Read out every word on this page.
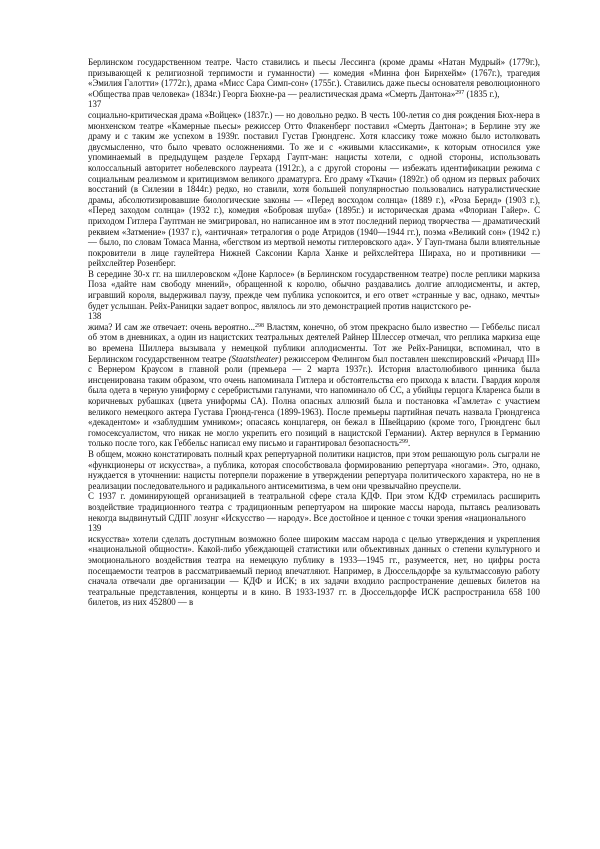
Берлинском государственном театре. Часто ставились и пьесы Лессинга (кроме драмы «Натан Мудрый» (1779г.), призывающей к религиозной терпимости и гуманности) — комедия «Минна фон Бирнхейм» (1767г.), трагедия «Эмилия Галотти» (1772г.), драма «Мисс Сара Симп-сон» (1755г.). Ставились даже пьесы основателя революционного «Общества прав человека» (1834г.) Георга Бюхне-ра — реалистическая драма «Смерть Дантона»$^{297}$ (1835 г.),

137

социально-критическая драма «Войцек» (1837г.) — но довольно редко. В честь 100-летия со дня рождения Бюх-нера в мюнхенском театре «Камерные пьесы» режиссер Отто Флакенберг поставил «Смерть Дантона»; в Берлине эту же драму и с таким же успехом в 1939г. поставил Густав Грюндгенс. Хотя классику тоже можно было истолковать двусмысленно, что было чревато осложнениями. То же и с «живыми классиками», к которым относился уже упоминаемый в предыдущем разделе Герхард Гаупт-ман: нацисты хотели, с одной стороны, использовать колоссальный авторитет нобелевского лауреата (1912г.), а с другой стороны — избежать идентификации режима с социальным реализмом и критицизмом великого драматурга. Его драму «Ткачи» (1892г.) об одном из первых рабочих восстаний (в Силезии в 1844г.) редко, но ставили, хотя большей популярностью пользовались натуралистические драмы, абсолютизировавшие биологические законы — «Перед восходом солнца» (1889 г.), «Роза Бернд» (1903 г.), «Перед заходом солнца» (1932 г.), комедия «Бобровая шуба» (1895г.) и историческая драма «Флориан Гайер». С приходом Гитлера Гауптман не эмигрировал, но написанное им в этот последний период творчества — драматический реквием «Затмение» (1937 г.), «античная» тетралогия о роде Атридов (1940—1944 гг.), поэма «Великий сон» (1942 г.) — было, по словам Томаса Манна, «бегством из мертвой немоты гитлеровского ада». У Гауп-тмана были влиятельные покровители в лице гаулейтера Нижней Саксонии Карла Ханке и рейхслейтера Шираха, но и противники — рейхслейтер Розенберг.

В середине 30-х гг. на шиллеровском «Доне Карлосе» (в Берлинском государственном театре) после реплики маркиза Поза «дайте нам свободу мнений», обращенной к королю, обычно раздавались долгие аплодисменты, и актер, игравший короля, выдерживал паузу, прежде чем публика успокоится, и его ответ «странные у вас, однако, мечты» будет услышан. Рейх-Раницки задает вопрос, являлось ли это демонстрацией против нацистского ре-

138

жима? И сам же отвечает: очень вероятно...$^{298}$ Властям, конечно, об этом прекрасно было известно — Геббельс писал об этом в дневниках, а один из нацистских театральных деятелей Райнер Шлессер отмечал, что реплика маркиза еще во времена Шиллера вызывала у немецкой публики аплодисменты. Тот же Рейх-Раницки, вспоминал, что в Берлинском государственном театре (Staatstheater) режиссером Фелингом был поставлен шекспировский «Ричард III» с Вернером Краусом в главной роли (премьера — 2 марта 1937г.). История властолюбивого цинника была инсценирована таким образом, что очень напоминала Гитлера и обстоятельства его прихода к власти. Гвардия короля была одета в черную униформу с серебристыми галунами, что напоминало об СС, а убийцы герцога Кларенса были в коричневых рубашках (цвета униформы СА). Полна опасных аллюзий была и постановка «Гамлета» с участием великого немецкого актера Густава Грюнд-генса (1899-1963). После премьеры партийная печать назвала Грюндгенса «декадентом» и «заблудшим умником»; опасаясь концлагеря, он бежал в Швейцарию (кроме того, Грюндгенс был гомосексуалистом, что никак не могло укрепить его позиций в нацистской Германии). Актер вернулся в Германию только после того, как Геббельс написал ему письмо и гарантировал безопасность$^{299}$.

В общем, можно констатировать полный крах репертуарной политики нацистов, при этом решающую роль сыграли не «функционеры от искусства», а публика, которая способствовала формированию репертуара «ногами». Это, однако, нуждается в уточнении: нацисты потерпели поражение в утверждении репертуара политического характера, но не в реализации последовательного и радикального антисемитизма, в чем они чрезвычайно преуспели.

С 1937 г. доминирующей организацией в театральной сфере стала КДФ. При этом КДФ стремилась расширить воздействие традиционного театра с традиционным репертуаром на широкие массы народа, пытаясь реализовать некогда выдвинутый СДПГ лозунг «Искусство — народу». Все достойное и ценное с точки зрения «национального

139

искусства» хотели сделать доступным возможно более широким массам народа с целью утверждения и укрепления «национальной общности». Какой-либо убеждающей статистики или объективных данных о степени культурного и эмоционального воздействия театра на немецкую публику в 1933—1945 гг., разумеется, нет, но цифры роста посещаемости театров в рассматриваемый период впечатляют. Например, в Дюссельдорфе за культмассовую работу сначала отвечали две организации — КДФ и ИСК; в их задачи входило распространение дешевых билетов на театральные представления, концерты и в кино. В 1933-1937 гг. в Дюссельдорфе ИСК распространила 658 100 билетов, из них 452800 — в
